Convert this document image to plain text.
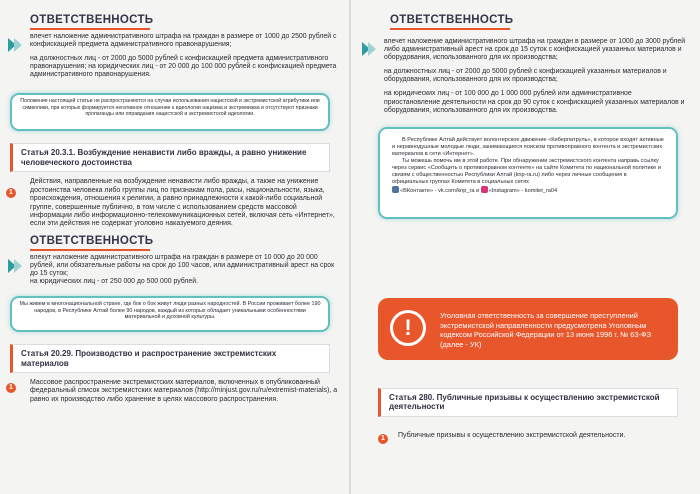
ОТВЕТСТВЕННОСТЬ

влечет наложение административного штрафа на граждан в размере от 1000 до 2500 рублей с конфискацией предмета административного правонарушения;

на должностных лиц - от 2000 до 5000 рублей с конфискацией предмета административного правонарушения; на юридических лиц - от 20 000 до 100 000 рублей с конфискацией предмета административного правонарушения.

Положения настоящей статьи не распространяются на случаи использования нацистской и экстремистской атрибутики или символики, при которых формируется негативное отношение к идеологии нацизма и экстремизма и отсутствуют признаки пропаганды или оправдания нацистской и экстремистской идеологии.
Статья 20.3.1. Возбуждение ненависти либо вражды, а равно унижение человеческого достоинства
1

Действия, направленные на возбуждение ненависти либо вражды, а также на унижение достоинства человека либо группы лиц по признакам пола, расы, национальности, языка, происхождения, отношения к религии, а равно принадлежности к какой-либо социальной группе, совершенные публично, в том числе с использованием средств массовой информации либо информационно-телекоммуникационных сетей, включая сеть «Интернет», если эти действия не содержат уголовно наказуемого деяния.

ОТВЕТСТВЕННОСТЬ

влекут наложение административного штрафа на граждан в размере от 10 000 до 20 000 рублей, или обязательные работы на срок до 100 часов, или административный арест на срок до 15 суток;

на юридических лиц - от 250 000 до 500 000 рублей.

Мы живем в многонациональной стране, где бок о бок живут люди разных народностей. В России проживает более 190 народов, в Республике Алтай более 90 народов, каждый из которых обладает уникальными особенностями материальной и духовной культуры.
Статья 20.29. Производство и распространение экстремистских материалов
1

Массовое распространение экстремистских материалов, включенных в опубликованный федеральный список экстремистских материалов (http://minjust.gov.ru/ru/extremist-materials), а равно их производство либо хранение в целях массового распространения.

ОТВЕТСТВЕННОСТЬ

влечет наложение административного штрафа на граждан в размере от 1000 до 3000 рублей либо административный арест на срок до 15 суток с конфискацией указанных материалов и оборудования, использованного для их производства;

на должностных лиц - от 2000 до 5000 рублей с конфискацией указанных материалов и оборудования, использованного для их производства;

на юридических лиц - от 100 000 до 1 000 000 рублей или административное приостановление деятельности на срок до 90 суток с конфискацией указанных материалов и оборудования, использованного для их производства.

В Республике Алтай действует волонтерское движение «Киберпатруль», в которое входят активные и неравнодушные молодые люди, занимающиеся поиском противоправного контента и экстремистских материалов в сети «Интернет».
Ты можешь помочь им в этой работе. При обнаружении экстремистского контента направь ссылку через сервис «Сообщить о противоправном контенте» на сайте Комитета по национальной политике и связям с общественностью Республики Алтай (knp-ra.ru) либо через личные сообщения в официальных группах Комитета в социальных сетях
«ВКонтакте» - vk.com/knp_ra и «Instagram» - komitet_ra04
!	Уголовная ответственность за совершение преступлений экстремистской направленности предусмотрена Уголовным кодексом Российской Федерации от 13 июня 1996 г. № 63-ФЗ (далее - УК)
Статья 280. Публичные призывы к осуществлению экстремистской деятельности
1	Публичные призывы к осуществлению экстремистской деятельности.
